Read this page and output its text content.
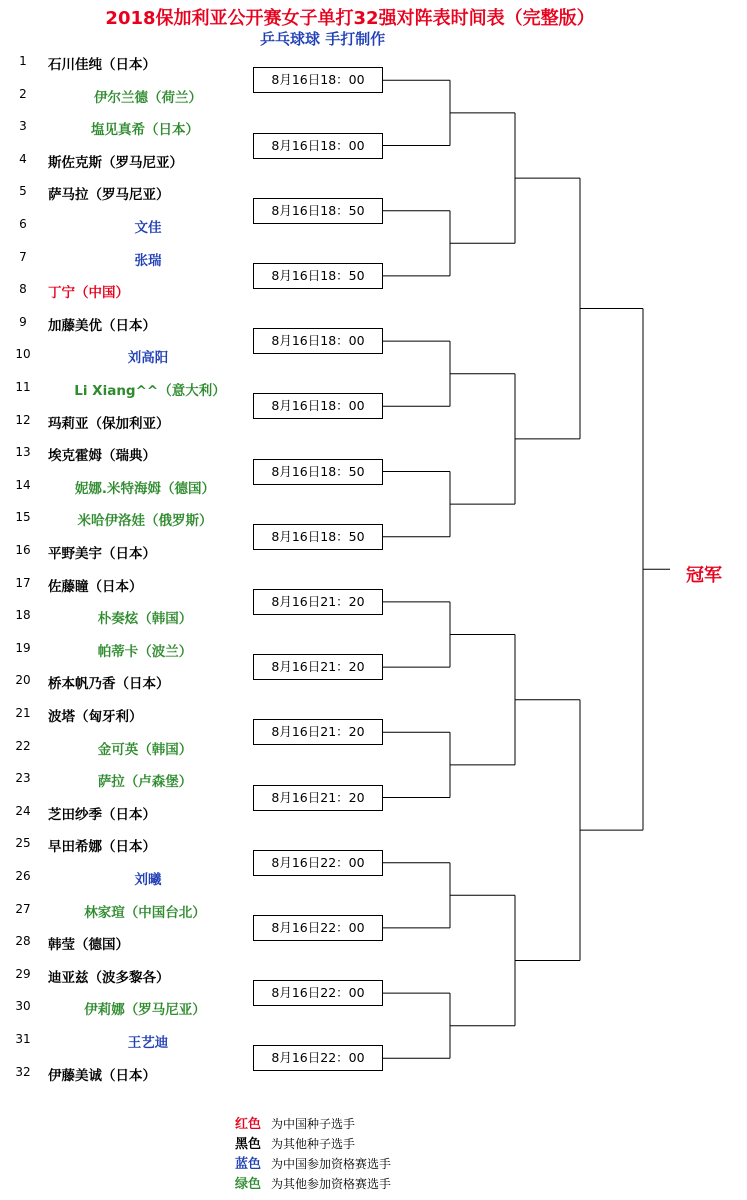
2018保加利亚公开赛女子单打32强对阵表时间表（完整版）
乒乓球球 手打制作
1	石川佳纯（日本）
2	伊尔兰德（荷兰）
3	塩见真希（日本）
4	斯佐克斯（罗马尼亚）
5	萨马拉（罗马尼亚）
6	文佳
7	张瑞
8	丁宁（中国）
9	加藤美优（日本）
10	刘高阳
11	Li Xiang^^（意大利）
12	玛莉亚（保加利亚）
13	埃克霍姆（瑞典）
14	妮娜.米特海姆（德国）
15	米哈伊洛娃（俄罗斯）
16	平野美宇（日本）
17	佐藤瞳（日本）
18	朴奏炫（韩国）
19	帕蒂卡（波兰）
20	桥本帆乃香（日本）
21	波塔（匈牙利）
22	金可英（韩国）
23	萨拉（卢森堡）
24	芝田纱季（日本）
25	早田希娜（日本）
26	刘曦
27	林家瑄（中国台北）
28	韩莹（德国）
29	迪亚兹（波多黎各）
30	伊莉娜（罗马尼亚）
31	王艺迪
32	伊藤美诚（日本）
8月16日18：00
8月16日18：00
8月16日18：50
8月16日18：50
8月16日18：00
8月16日18：00
8月16日18：50
8月16日18：50
8月16日21：20
8月16日21：20
8月16日21：20
8月16日21：20
8月16日22：00
8月16日22：00
8月16日22：00
8月16日22：00
冠军
红色 为中国种子选手
黑色 为其他种子选手
蓝色 为中国参加资格赛选手
绿色 为其他参加资格赛选手
